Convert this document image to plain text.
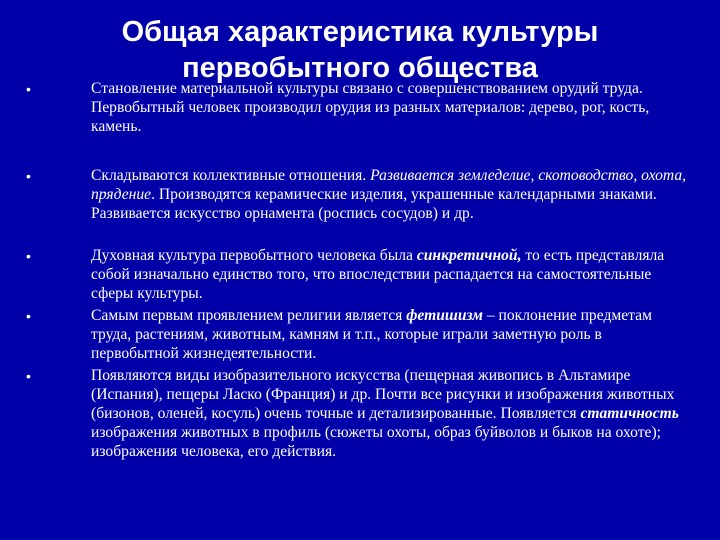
Общая характеристика культуры
первобытного общества
•	Становление материальной культуры связано с совершенствованием орудий труда. Первобытный человек производил орудия из разных материалов: дерево, рог, кость, камень.
•	Складываются коллективные отношения. Развивается земледелие, скотоводство, охота, прядение. Производятся керамические изделия, украшенные календарными знаками. Развивается искусство орнамента (роспись сосудов) и др.
•	Духовная культура первобытного человека была синкретичной, то есть представляла собой изначально единство того, что впоследствии распадается на самостоятельные сферы культуры.
•	Самым первым проявлением религии является фетишизм – поклонение предметам труда, растениям, животным, камням и т.п., которые играли заметную роль в первобытной жизнедеятельности.
•	Появляются виды изобразительного искусства (пещерная живопись в Альтамире (Испания), пещеры Ласко (Франция) и др. Почти все рисунки и изображения животных (бизонов, оленей, косуль) очень точные и детализированные. Появляется статичность изображения животных в профиль (сюжеты охоты, образ буйволов и быков на охоте); изображения человека, его действия.
